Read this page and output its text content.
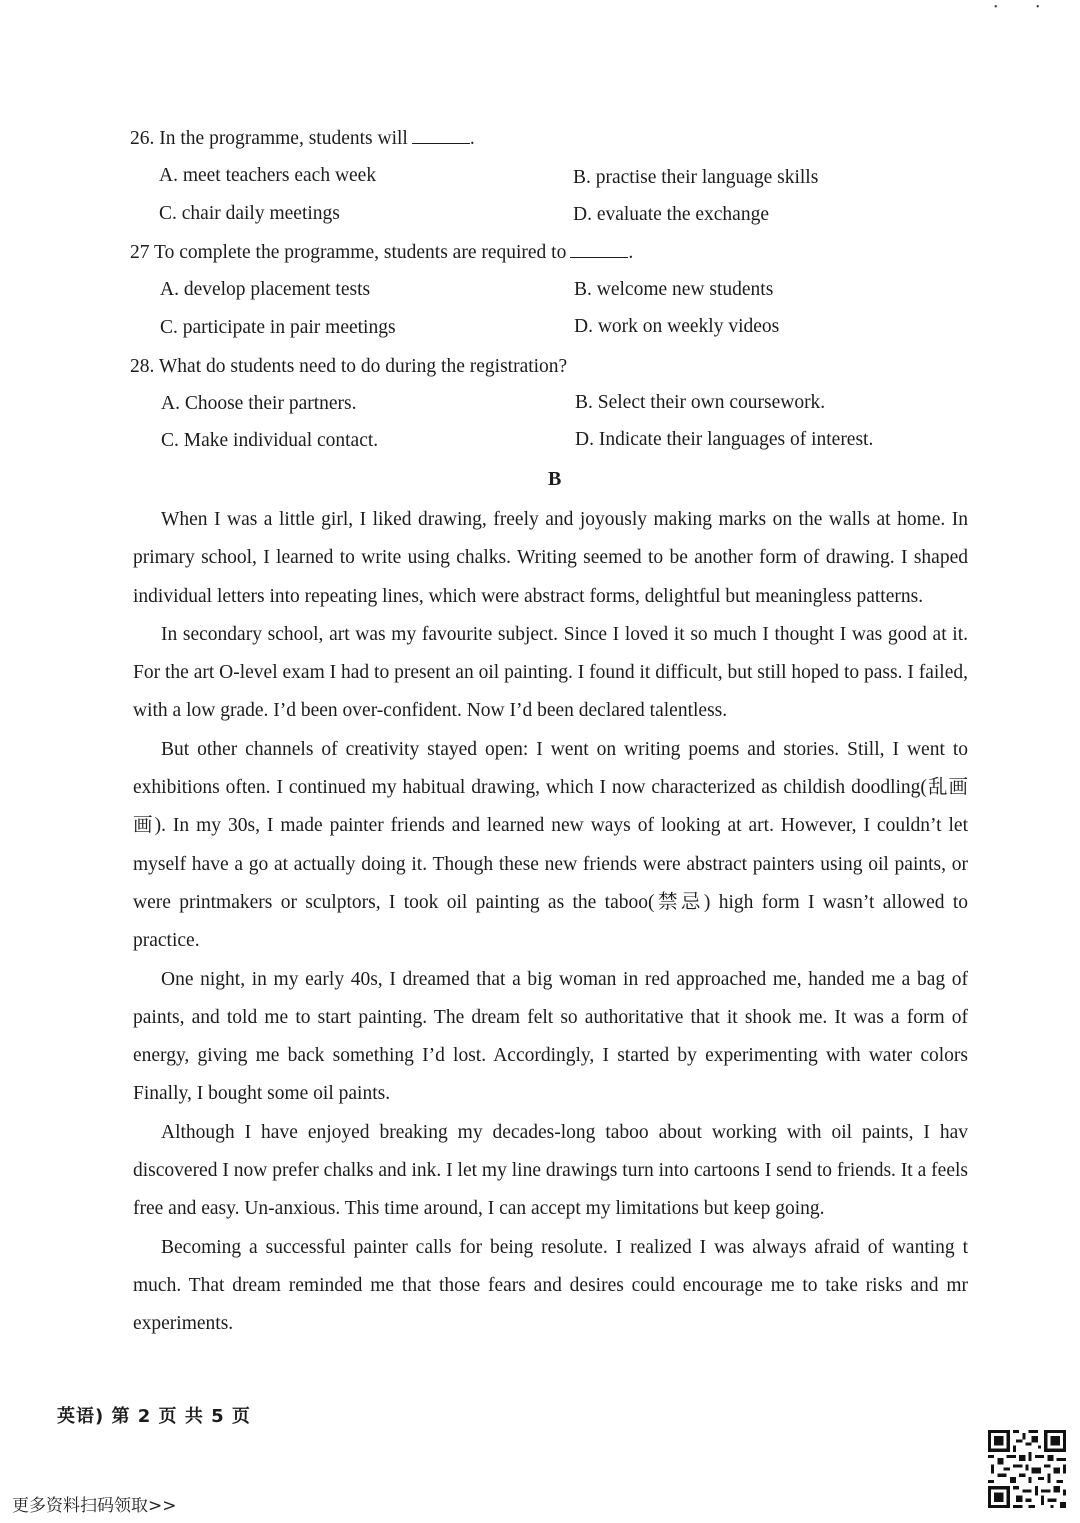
• •
26. In the programme, students will	.
A. meet teachers each week	B. practise their language skills
C. chair daily meetings	D. evaluate the exchange
27 To complete the programme, students are required to	.
A. develop placement tests	B. welcome new students
C. participate in pair meetings	D. work on weekly videos
28. What do students need to do during the registration?
A. Choose their partners.	B. Select their own coursework.
C. Make individual contact.	D. Indicate their languages of interest.
B

When I was a little girl, I liked drawing, freely and joyously making marks on the walls at home. In primary school, I learned to write using chalks. Writing seemed to be another form of drawing. I shaped individual letters into repeating lines, which were abstract forms, delightful but meaningless patterns.

In secondary school, art was my favourite subject. Since I loved it so much I thought I was good at it. For the art O-level exam I had to present an oil painting. I found it difficult, but still hoped to pass. I failed, with a low grade. I’d been over-confident. Now I’d been declared talentless.

But other channels of creativity stayed open: I went on writing poems and stories. Still, I went to exhibitions often. I continued my habitual drawing, which I now characterized as childish doodling(乱画画). In my 30s, I made painter friends and learned new ways of looking at art. However, I couldn’t let myself have a go at actually doing it. Though these new friends were abstract painters using oil paints, or were printmakers or sculptors, I took oil painting as the taboo(禁忌) high form I wasn’t allowed to practice.

One night, in my early 40s, I dreamed that a big woman in red approached me, handed me a bag of paints, and told me to start painting. The dream felt so authoritative that it shook me. It was a form of energy, giving me back something I’d lost. Accordingly, I started by experimenting with water colors Finally, I bought some oil paints.

Although I have enjoyed breaking my decades-long taboo about working with oil paints, I hav discovered I now prefer chalks and ink. I let my line drawings turn into cartoons I send to friends. It a feels free and easy. Un-anxious. This time around, I can accept my limitations but keep going.

Becoming a successful painter calls for being resolute. I realized I was always afraid of wanting t much. That dream reminded me that those fears and desires could encourage me to take risks and mr experiments.

英语) 第 2 页 共 5 页
更多资料扫码领取>>
